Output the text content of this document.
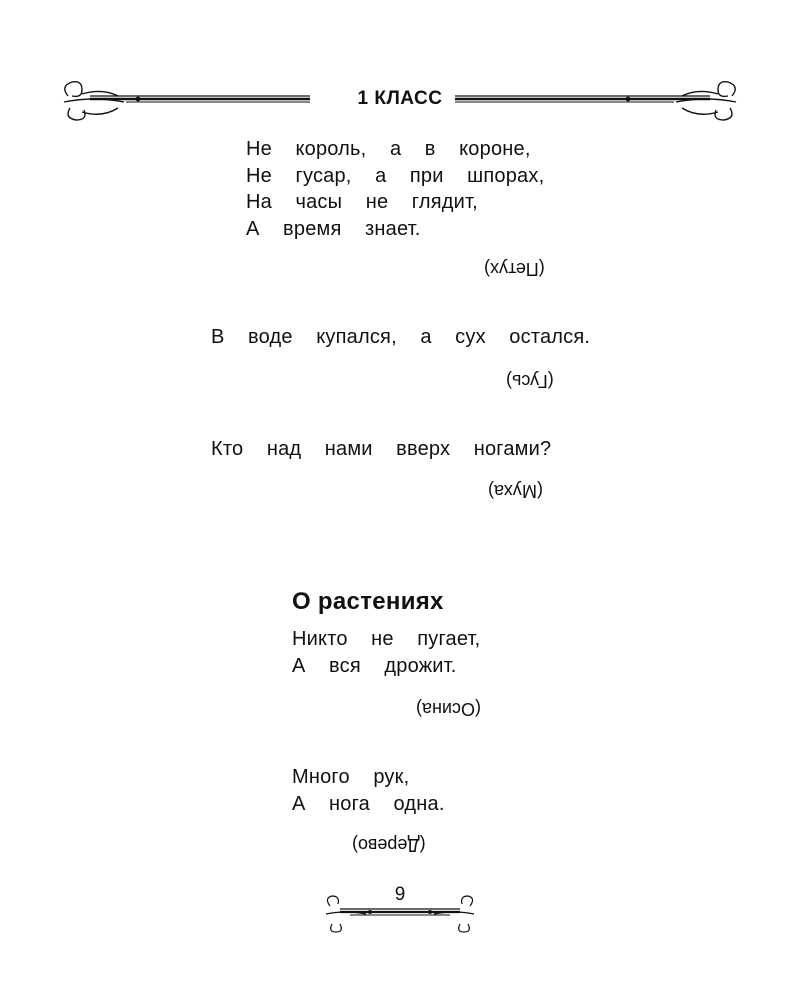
1 КЛАСС
Не  король,  а  в  короне,
Не  гусар,  а  при  шпорах,
На  часы  не  глядит,
А  время  знает.
(Петух)
В  воде  купался,  а  сух  остался.
(Гусь)
Кто  над  нами  вверх  ногами?
(Муха)
О растениях
Никто  не  пугает,
А  вся  дрожит.
(Осина)
Много  рук,
А  нога  одна.
(Дерево)
9
